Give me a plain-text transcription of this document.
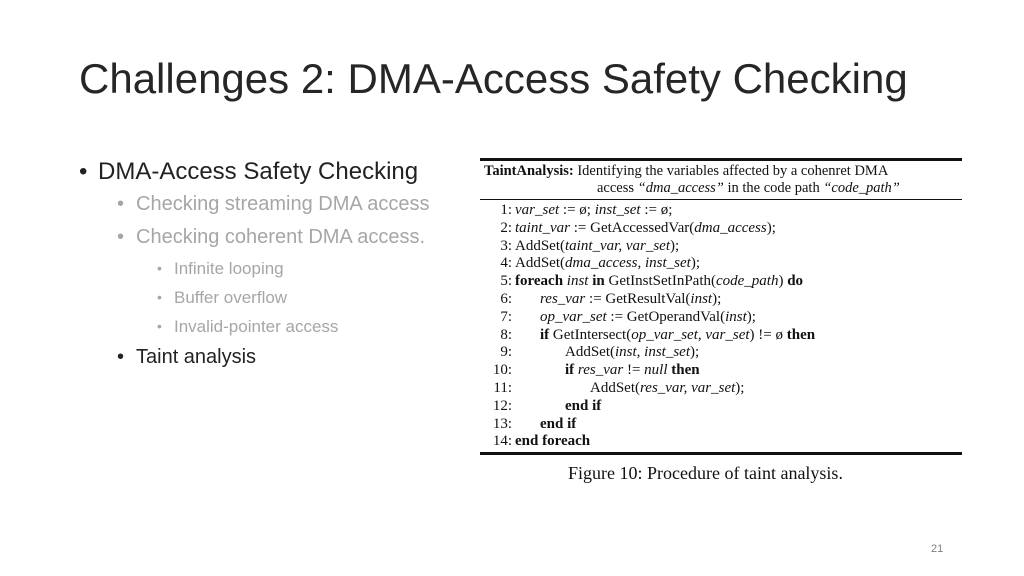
Challenges 2: DMA-Access Safety Checking
• DMA-Access Safety Checking
• Checking streaming DMA access
• Checking coherent DMA access.
• Infinite looping
• Buffer overflow
• Invalid-pointer access
• Taint analysis
TaintAnalysis: Identifying the variables affected by a cohenret DMA
access “dma_access” in the code path “code_path”
1: var_set := ø; inst_set := ø;
2: taint_var := GetAccessedVar(dma_access);
3: AddSet(taint_var, var_set);
4: AddSet(dma_access, inst_set);
5: foreach inst in GetInstSetInPath(code_path) do
6: res_var := GetResultVal(inst);
7: op_var_set := GetOperandVal(inst);
8: if GetIntersect(op_var_set, var_set) != ø then
9:	AddSet(inst, inst_set);
10:	if res_var != null then
11:	AddSet(res_var, var_set);
12:	end if
13: end if
14: end foreach
Figure 10: Procedure of taint analysis.
21
